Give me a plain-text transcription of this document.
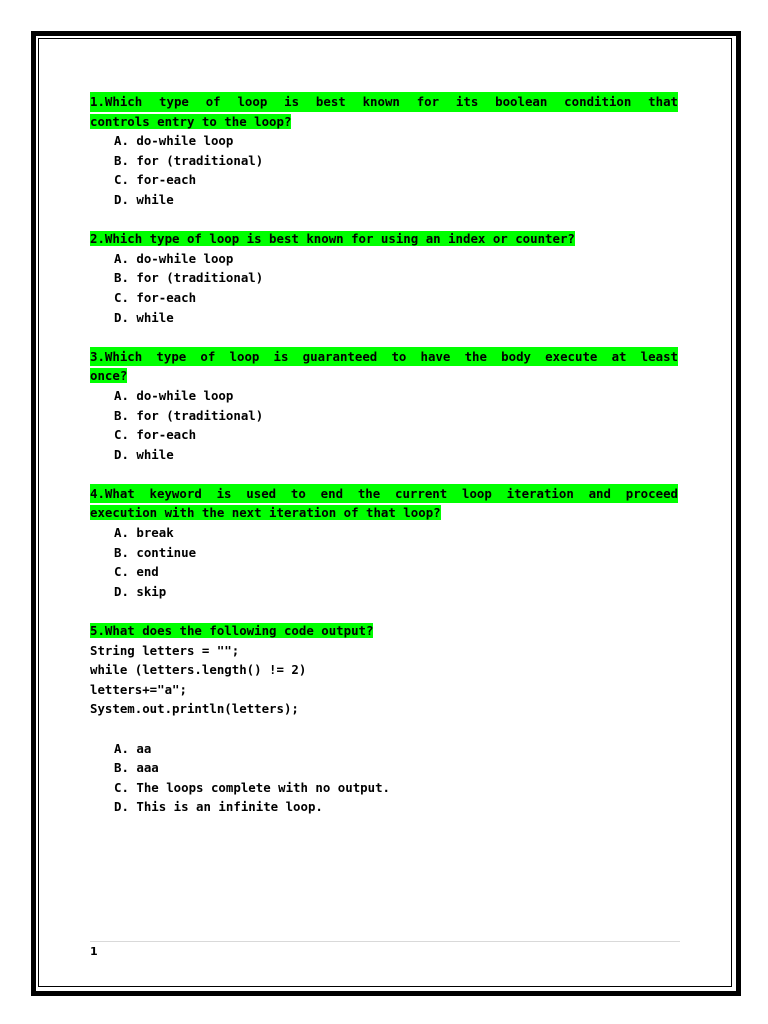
1.Which type of loop is best known for its boolean condition that
controls entry to the loop?
A. do-while loop
B. for (traditional)
C. for-each
D. while
2.Which type of loop is best known for using an index or counter?
A. do-while loop
B. for (traditional)
C. for-each
D. while
3.Which type of loop is guaranteed to have the body execute at least
once?
A. do-while loop
B. for (traditional)
C. for-each
D. while
4.What keyword is used to end the current loop iteration and proceed
execution with the next iteration of that loop?
A. break
B. continue
C. end
D. skip
5.What does the following code output?
String letters = "";
while (letters.length() != 2)
letters+="a";
System.out.println(letters);
A. aa
B. aaa
C. The loops complete with no output.
D. This is an infinite loop.
1
